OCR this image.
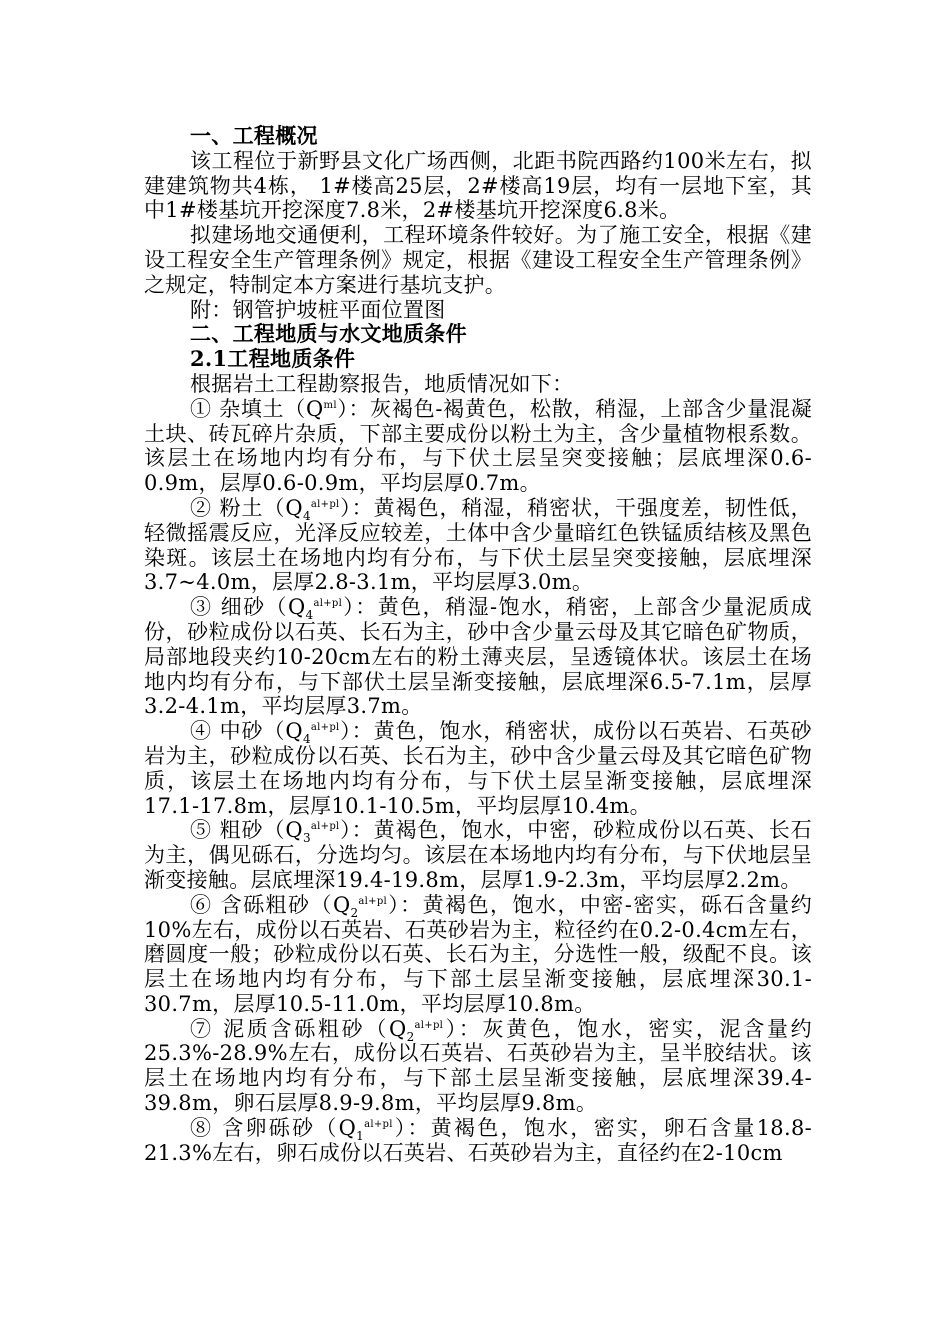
一、工程概况

该工程位于新野县文化广场西侧，北距书院西路约100米左右，拟建建筑物共4栋， 1#楼高25层，2#楼高19层，均有一层地下室，其中1#楼基坑开挖深度7.8米，2#楼基坑开挖深度6.8米。

拟建场地交通便利，工程环境条件较好。为了施工安全，根据《建设工程安全生产管理条例》规定，根据《建设工程安全生产管理条例》之规定，特制定本方案进行基坑支护。

附：钢管护坡桩平面位置图

二、工程地质与水文地质条件

2.1工程地质条件

根据岩土工程勘察报告，地质情况如下：

① 杂填土$(Q^{ml})$：灰褐色-褐黄色，松散，稍湿，上部含少量混凝土块、砖瓦碎片杂质，下部主要成份以粉土为主，含少量植物根系数。该层土在场地内均有分布，与下伏土层呈突变接触；层底埋深0.6-0.9m，层厚0.6-0.9m，平均层厚0.7m。

② 粉土$(Q_4^{al+pl})$：黄褐色，稍湿，稍密状，干强度差，韧性低，轻微摇震反应，光泽反应较差，土体中含少量暗红色铁锰质结核及黑色染斑。该层土在场地内均有分布，与下伏土层呈突变接触，层底埋深3.7~4.0m，层厚2.8-3.1m，平均层厚3.0m。

③ 细砂$(Q_4^{al+pl})$：黄色，稍湿-饱水，稍密，上部含少量泥质成份，砂粒成份以石英、长石为主，砂中含少量云母及其它暗色矿物质，局部地段夹约10-20cm左右的粉土薄夹层，呈透镜体状。该层土在场地内均有分布，与下部伏土层呈渐变接触，层底埋深6.5-7.1m，层厚3.2-4.1m，平均层厚3.7m。

④ 中砂$(Q_4^{al+pl})$：黄色，饱水，稍密状，成份以石英岩、石英砂岩为主，砂粒成份以石英、长石为主，砂中含少量云母及其它暗色矿物质，该层土在场地内均有分布，与下伏土层呈渐变接触，层底埋深17.1-17.8m，层厚10.1-10.5m，平均层厚10.4m。

⑤ 粗砂$(Q_3^{al+pl})$：黄褐色，饱水，中密，砂粒成份以石英、长石为主，偶见砾石，分选均匀。该层在本场地内均有分布，与下伏地层呈渐变接触。层底埋深19.4-19.8m，层厚1.9-2.3m，平均层厚2.2m。

⑥ 含砾粗砂$(Q_2^{al+pl})$：黄褐色，饱水，中密-密实，砾石含量约10%左右，成份以石英岩、石英砂岩为主，粒径约在0.2-0.4cm左右，磨圆度一般；砂粒成份以石英、长石为主，分选性一般，级配不良。该层土在场地内均有分布，与下部土层呈渐变接触，层底埋深30.1-30.7m，层厚10.5-11.0m，平均层厚10.8m。

⑦ 泥质含砾粗砂$(Q_2^{al+pl})$：灰黄色，饱水，密实，泥含量约25.3%-28.9%左右，成份以石英岩、石英砂岩为主，呈半胶结状。该层土在场地内均有分布，与下部土层呈渐变接触，层底埋深39.4-39.8m，卵石层厚8.9-9.8m，平均层厚9.8m。

⑧ 含卵砾砂$(Q_1^{al+pl})$：黄褐色，饱水，密实，卵石含量18.8-21.3%左右，卵石成份以石英岩、石英砂岩为主，直径约在2-10cm
